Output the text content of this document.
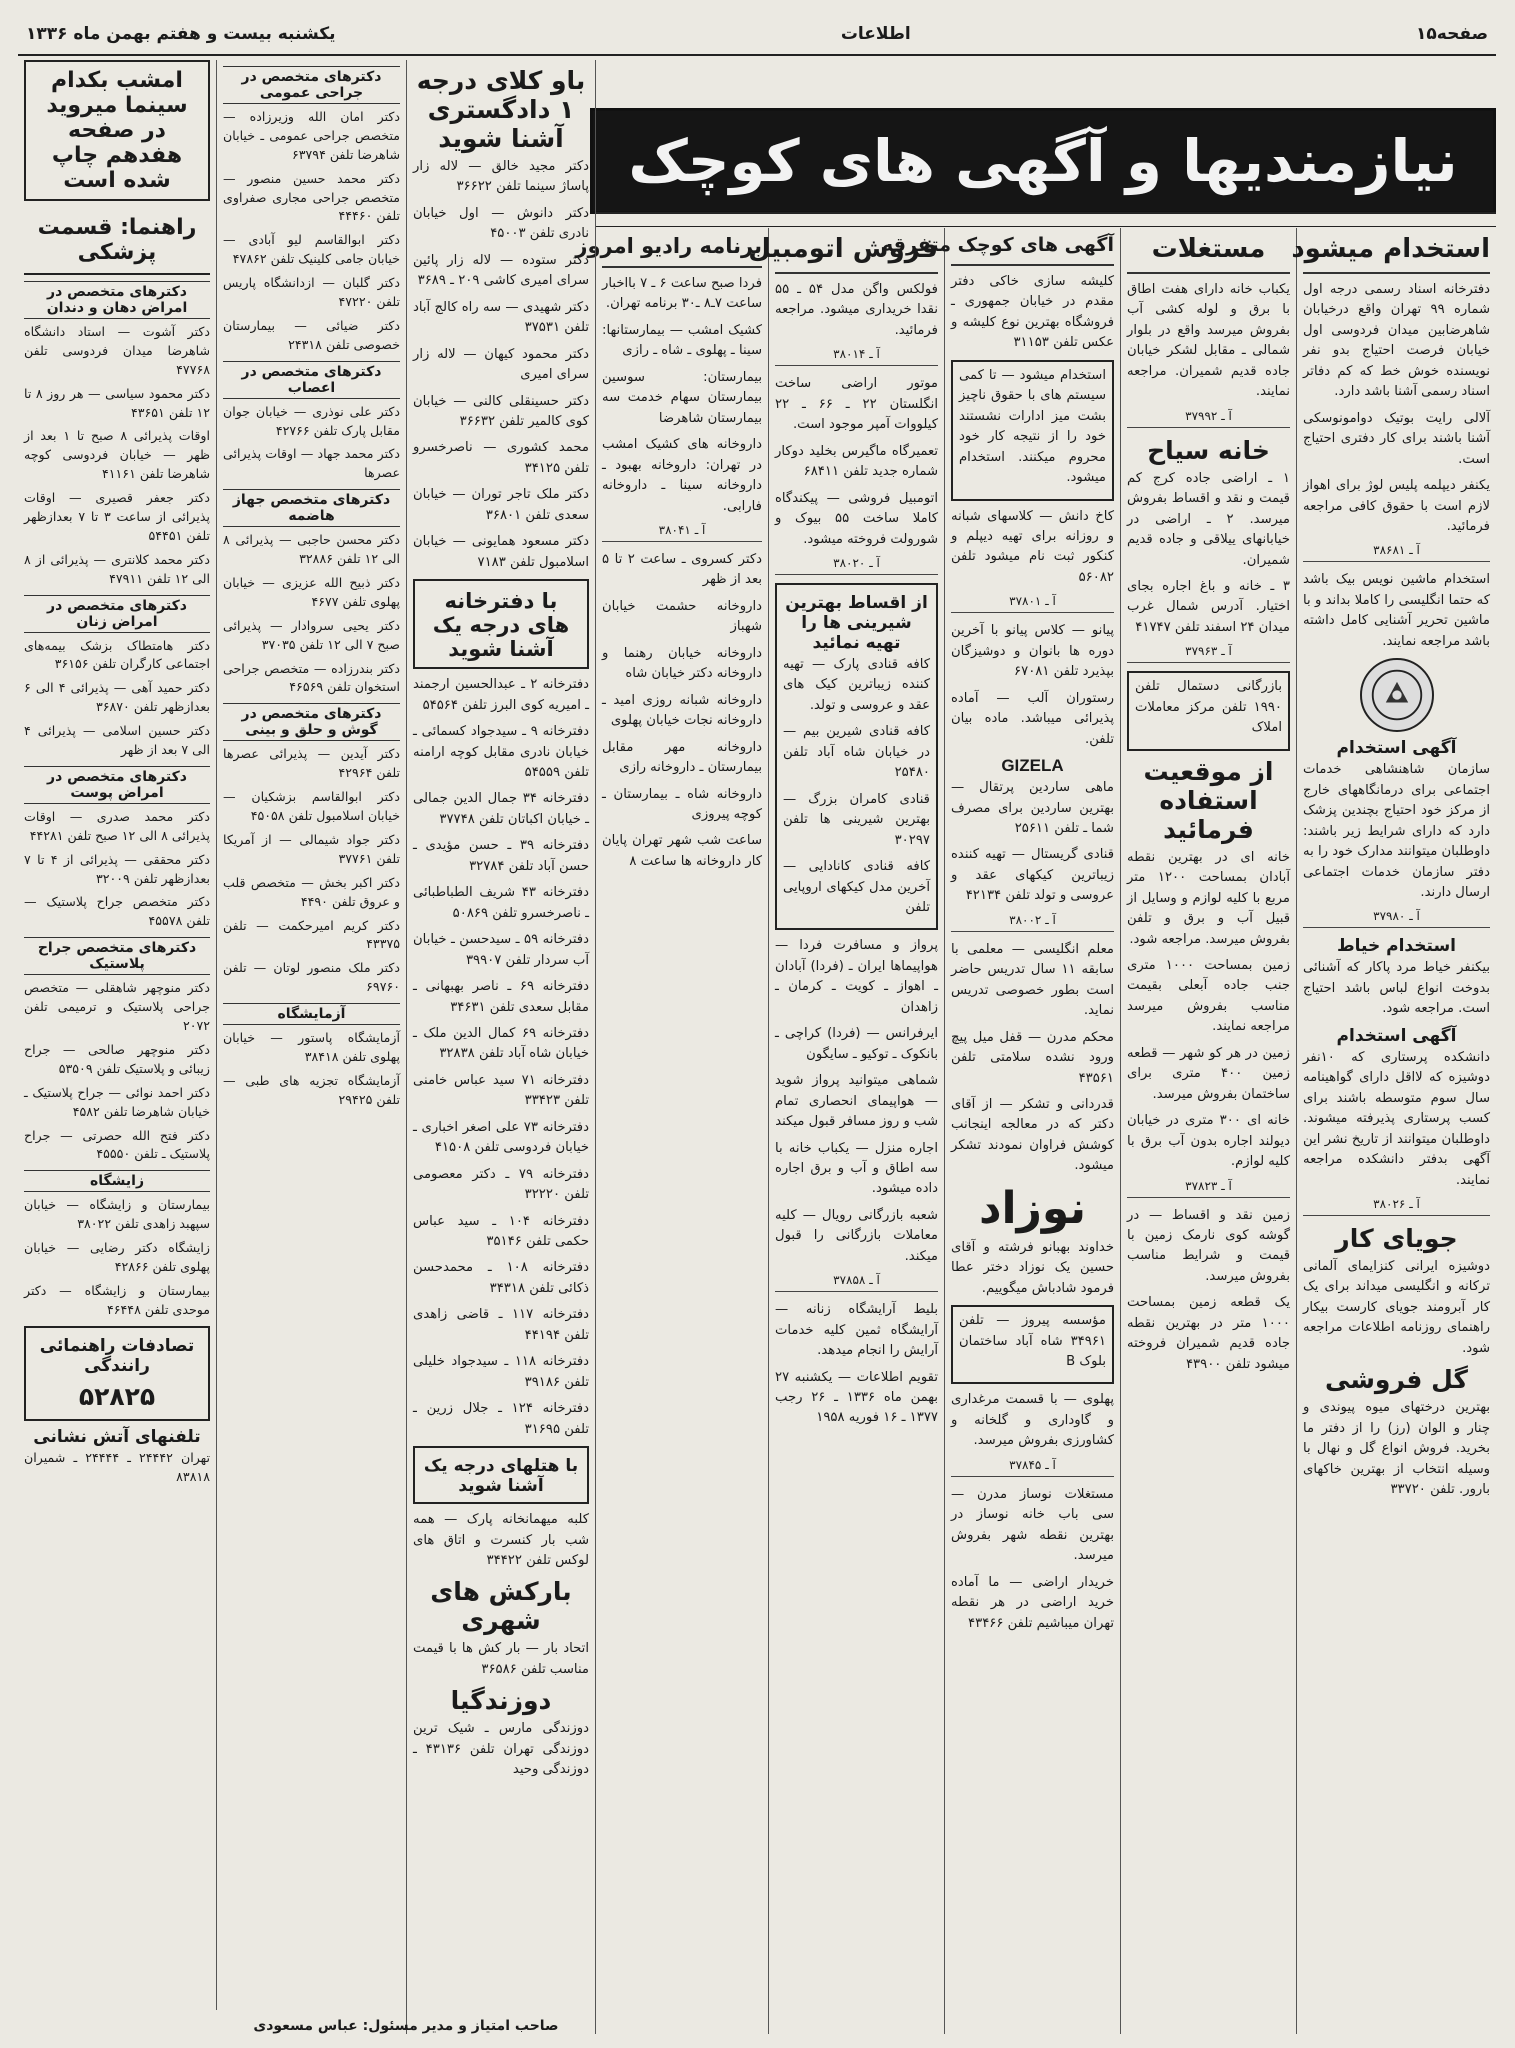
صفحه۱۵
اطلاعات
یکشنبه بیست و هفتم بهمن ماه ۱۳۳۶
نیازمندیها و آگهی های کوچک
استخدام میشود

دفترخانه اسناد رسمی درجه اول شماره ۹۹ تهران واقع درخیابان شاهرضابین میدان فردوسی اول خیابان فرصت احتیاج بدو نفر نویسنده خوش خط که کم دفاتر اسناد رسمی آشنا باشد دارد.

آلالی رایت بوتیک دوامونوسکی آشنا باشند برای کار دفتری احتیاج است.

یکنفر دیپلمه پلیس لوژ برای اهواز لازم است با حقوق کافی مراجعه فرمائید.

آ ـ ۳۸۶۸۱

استخدام ماشین نویس بیک باشد که حتما انگلیسی را کاملا بداند و با ماشین تحریر آشنایی کامل داشته باشد مراجعه نمایند.

آگهی استخدام

سازمان شاهنشاهی خدمات اجتماعی برای درمانگاههای خارج از مرکز خود احتیاج بچندین پزشک دارد که دارای شرایط زیر باشند: داوطلبان میتوانند مدارک خود را به دفتر سازمان خدمات اجتماعی ارسال دارند.

آ ـ ۳۷۹۸۰
استخدام خیاط

بیکنفر خیاط مرد پاکار که آشنائی بدوخت انواع لباس باشد احتیاج است. مراجعه شود.

آگهی استخدام

دانشکده پرستاری که ۱۰نفر دوشیزه که لااقل دارای گواهینامه سال سوم متوسطه باشند برای کسب پرستاری پذیرفته میشوند. داوطلبان میتوانند از تاریخ نشر این آگهی بدفتر دانشکده مراجعه نمایند.

آ ـ ۳۸۰۲۶
جویای کار

دوشیزه ایرانی کنزایمای آلمانی ترکانه و انگلیسی میداند برای یک کار آبرومند جویای کارست بیکار راهنمای روزنامه اطلاعات مراجعه شود.

گل فروشی

بهترین درختهای میوه پیوندی و چنار و الوان (رز) را از دفتر ما بخرید. فروش انواع گل و نهال با وسیله انتخاب از بهترین خاکهای بارور. تلفن ۳۳۷۲۰

مستغلات

یکباب خانه دارای هفت اطاق با برق و لوله کشی آب بفروش میرسد واقع در بلوار شمالی ـ مقابل لشکر خیابان جاده قدیم شمیران. مراجعه نمایند.

آ ـ ۳۷۹۹۲
خانه سیاح

۱ ـ اراضی جاده کرج کم قیمت و نقد و اقساط بفروش میرسد. ۲ ـ اراضی در خیابانهای ییلاقی و جاده قدیم شمیران.

۳ ـ خانه و باغ اجاره بجای اختیار. آدرس شمال غرب میدان ۲۴ اسفند تلفن ۴۱۷۴۷

آ ـ ۳۷۹۶۳

بازرگانی دستمال تلفن ۱۹۹۰ تلفن مرکز معاملات املاک

از موقعیت استفاده فرمائید

خانه ای در بهترین نقطه آبادان بمساحت ۱۲۰۰ متر مربع با کلیه لوازم و وسایل از قبیل آب و برق و تلفن بفروش میرسد. مراجعه شود.

زمین بمساحت ۱۰۰۰ متری جنب جاده آبعلی بقیمت مناسب بفروش میرسد مراجعه نمایند.

زمین در هر کو شهر — قطعه زمین ۴۰۰ متری برای ساختمان بفروش میرسد.

خانه ای ۳۰۰ متری در خیابان دیولند اجاره بدون آب برق با کلیه لوازم.

آ ـ ۳۷۸۲۳

زمین نقد و اقساط — در گوشه کوی نارمک زمین با قیمت و شرایط مناسب بفروش میرسد.

یک قطعه زمین بمساحت ۱۰۰۰ متر در بهترین نقطه جاده قدیم شمیران فروخته میشود تلفن ۴۳۹۰۰

آگهی های کوچک متفرقه

کلیشه سازی خاکی دفتر مقدم در خیابان جمهوری ـ فروشگاه بهترین نوع کلیشه و عکس تلفن ۳۱۱۵۳

استخدام میشود — تا کمی سیستم های با حقوق ناچیز بشت میز ادارات نشستند خود را از نتیجه کار خود محروم میکنند. استخدام میشود.

کاخ دانش — کلاسهای شبانه و روزانه برای تهیه دیپلم و کنکور ثبت نام میشود تلفن ۵۶۰۸۲

آ ـ ۳۷۸۰۱

پیانو — کلاس پیانو با آخرین دوره ها بانوان و دوشیزگان بپذیرد تلفن ۶۷۰۸۱

رستوران آلب — آماده پذیرائی میباشد. ماده بیان تلفن.

GIZELA

ماهی ساردین پرتقال — بهترین ساردین برای مصرف شما ـ تلفن ۲۵۶۱۱

قنادی گریستال — تهیه کننده زیباترین کیکهای عقد و عروسی و تولد تلفن ۴۲۱۳۴

آ ـ ۳۸۰۰۲

معلم انگلیسی — معلمی با سابقه ۱۱ سال تدریس حاضر است بطور خصوصی تدریس نماید.

محکم مدرن — قفل میل پیچ ورود نشده سلامتی تلفن ۴۳۵۶۱

قدردانی و تشکر — از آقای دکتر که در معالجه اینجانب کوشش فراوان نمودند تشکر میشود.

نوزاد

خداوند بهبانو فرشته و آقای حسین یک نوزاد دختر عطا فرمود شادباش میگوییم.

مؤسسه پیروز — تلفن ۳۴۹۶۱ شاه آباد ساختمان بلوک B

پهلوی — با قسمت مرغداری و گاوداری و گلخانه و کشاورزی بفروش میرسد.

آ ـ ۳۷۸۴۵

مستغلات نوساز مدرن — سی باب خانه نوساز در بهترین نقطه شهر بفروش میرسد.

خریدار اراضی — ما آماده خرید اراضی در هر نقطه تهران میباشیم تلفن ۴۳۴۶۶

فروش اتومبیل

فولکس واگن مدل ۵۴ ـ ۵۵ نقدا خریداری میشود. مراجعه فرمائید.

آ ـ ۳۸۰۱۴

موتور اراضی ساخت انگلستان ۲۲ ـ ۶۶ ـ ۲۲ کیلووات آمپر موجود است.

تعمیرگاه ماگیرس بخلید دوکار شماره جدید تلفن ۶۸۴۱۱

اتومبیل فروشی — پیکندگاه کاملا ساخت ۵۵ بیوک و شورولت فروخته میشود.

آ ـ ۳۸۰۲۰
از اقساط بهترین شیرینی ها را تهیه نمائید

کافه قنادی پارک — تهیه کننده زیباترین کیک های عقد و عروسی و تولد.

کافه قنادی شیرین بیم — در خیابان شاه آباد تلفن ۲۵۴۸۰

قنادی کامران بزرگ — بهترین شیرینی ها تلفن ۳۰۲۹۷

کافه قنادی کانادایی — آخرین مدل کیکهای اروپایی تلفن

پرواز و مسافرت فردا — هواپیماها ایران ـ (فردا) آبادان ـ اهواز ـ کویت ـ کرمان ـ زاهدان

ایرفرانس — (فردا) کراچی ـ بانکوک ـ توکیو ـ سایگون

شماهی میتوانید پرواز شوید — هواپیمای انحصاری تمام شب و روز مسافر قبول میکند

اجاره منزل — یکباب خانه با سه اطاق و آب و برق اجاره داده میشود.

شعبه بازرگانی رویال — کلیه معاملات بازرگانی را قبول میکند.

آ ـ ۳۷۸۵۸

بلیط آرایشگاه زنانه — آرایشگاه ثمین کلیه خدمات آرایش را انجام میدهد.

تقویم اطلاعات — یکشنبه ۲۷ بهمن ماه ۱۳۳۶ ـ ۲۶ رجب ۱۳۷۷ ـ ۱۶ فوریه ۱۹۵۸

برنامه رادیو امروز

فردا صبح ساعت ۶ ـ ۷ بااخبار ساعت ۷ـ۸ ـ۳۰ برنامه تهران.

کشیک امشب — بیمارستانها: سینا ـ پهلوی ـ شاه ـ رازی

بیمارستان: سوسین بیمارستان سهام خدمت سه بیمارستان شاهرضا

داروخانه های کشیک امشب در تهران: داروخانه بهبود ـ داروخانه سینا ـ داروخانه فارابی.

آ ـ ۳۸۰۴۱

دکتر کسروی ـ ساعت ۲ تا ۵ بعد از ظهر

داروخانه حشمت خیابان شهباز

داروخانه خیابان رهنما و داروخانه دکتر خیابان شاه

داروخانه شبانه روزی امید ـ داروخانه نجات خیابان پهلوی

داروخانه مهر مقابل بیمارستان ـ داروخانه رازی

داروخانه شاه ـ بیمارستان ـ کوچه پیروزی

ساعت شب شهر تهران پایان کار داروخانه ها ساعت ۸

باو کلای درجه ۱ دادگستری آشنا شوید

دکتر مجید خالق — لاله زار پاساژ سینما تلفن ۳۶۶۲۲

دکتر دانوش — اول خیابان نادری تلفن ۴۵۰۰۳

دکتر ستوده — لاله زار پائین سرای امیری کاشی ۲۰۹ ـ ۳۶۸۹

دکتر شهیدی — سه راه کالج آباد تلفن ۳۷۵۳۱

دکتر محمود کیهان — لاله زار سرای امیری

دکتر حسینقلی کالنی — خیابان کوی کالمیر تلفن ۳۶۶۳۲

محمد کشوری — ناصرخسرو تلفن ۳۴۱۲۵

دکتر ملک تاجر توران — خیابان سعدی تلفن ۳۶۸۰۱

دکتر مسعود همایونی — خیابان اسلامبول تلفن ۷۱۸۳

با دفترخانه های درجه یک آشنا شوید

دفترخانه ۲ ـ عبدالحسین ارجمند ـ امیریه کوی البرز تلفن ۵۴۵۶۴

دفترخانه ۹ ـ سیدجواد کسمائی ـ خیابان نادری مقابل کوچه ارامنه تلفن ۵۴۵۵۹

دفترخانه ۳۴ جمال الدین جمالی ـ خیابان اکباتان تلفن ۳۷۷۴۸

دفترخانه ۳۹ ـ حسن مؤیدی ـ حسن آباد تلفن ۳۲۷۸۴

دفترخانه ۴۳ شریف الطباطبائی ـ ناصرخسرو تلفن ۵۰۸۶۹

دفترخانه ۵۹ ـ سیدحسن ـ خیابان آب سردار تلفن ۳۹۹۰۷

دفترخانه ۶۹ ـ ناصر بهبهانی ـ مقابل سعدی تلفن ۳۴۶۳۱

دفترخانه ۶۹ کمال الدین ملک ـ خیابان شاه آباد تلفن ۳۲۸۳۸

دفترخانه ۷۱ سید عباس خامنی تلفن ۳۳۴۲۳

دفترخانه ۷۳ علی اصغر اخباری ـ خیابان فردوسی تلفن ۴۱۵۰۸

دفترخانه ۷۹ ـ دکتر معصومی تلفن ۳۲۲۲۰

دفترخانه ۱۰۴ ـ سید عباس حکمی تلفن ۳۵۱۴۶

دفترخانه ۱۰۸ ـ محمدحسن ذکائی تلفن ۳۴۳۱۸

دفترخانه ۱۱۷ ـ قاضی زاهدی تلفن ۴۴۱۹۴

دفترخانه ۱۱۸ ـ سیدجواد خلیلی تلفن ۳۹۱۸۶

دفترخانه ۱۲۴ ـ جلال زرین ـ تلفن ۳۱۶۹۵

با هتلهای درجه یک آشنا شوید

کلبه میهمانخانه پارک — همه شب بار کنسرت و اتاق های لوکس تلفن ۳۴۴۲۲

بارکش های شهری

اتحاد بار — بار کش ها با قیمت مناسب تلفن ۳۶۵۸۶

دوزندگیا

دوزندگی مارس ـ شیک ترین دوزندگی تهران تلفن ۴۳۱۳۶ ـ دوزندگی وحید

دکترهای متخصص در جراحی عمومی

دکتر امان الله وزیرزاده — متخصص جراحی عمومی ـ خیابان شاهرضا تلفن ۶۳۷۹۴

دکتر محمد حسین منصور — متخصص جراحی مجاری صفراوی تلفن ۴۴۴۶۰

دکتر ابوالقاسم لیو آبادی — خیابان جامی کلینیک تلفن ۴۷۸۶۲

دکتر گلبان — ازدانشگاه پاریس تلفن ۴۷۲۲۰

دکتر ضیائی — بیمارستان خصوصی تلفن ۲۴۳۱۸

دکترهای متخصص در اعصاب

دکتر علی نوذری — خیابان جوان مقابل پارک تلفن ۴۲۷۶۶

دکتر محمد جهاد — اوقات پذیرائی عصرها

دکترهای متخصص جهاز هاضمه

دکتر محسن حاجبی — پذیرائی ۸ الی ۱۲ تلفن ۳۲۸۸۶

دکتر ذبیح الله عزیزی — خیابان پهلوی تلفن ۴۶۷۷

دکتر یحیی سروادار — پذیرائی صبح ۷ الی ۱۲ تلفن ۳۷۰۳۵

دکتر بندرزاده — متخصص جراحی استخوان تلفن ۴۶۵۶۹

دکترهای متخصص در گوش و حلق و بینی

دکتر آیدین — پذیرائی عصرها تلفن ۴۲۹۶۴

دکتر ابوالقاسم بزشکیان — خیابان اسلامبول تلفن ۴۵۰۵۸

دکتر جواد شیمالی — از آمریکا تلفن ۳۷۷۶۱

دکتر اکبر بخش — متخصص قلب و عروق تلفن ۴۴۹۰

دکتر کریم امیرحکمت — تلفن ۴۳۳۷۵

دکتر ملک منصور لوتان — تلفن ۶۹۷۶۰

آزمایشگاه

آزمایشگاه پاستور — خیابان پهلوی تلفن ۳۸۴۱۸

آزمایشگاه تجزیه های طبی — تلفن ۲۹۴۲۵

امشب بکدام سینما میروید
در صفحه هفدهم چاپ شده است
راهنما: قسمت پزشکی
دکترهای متخصص در امراض دهان و دندان

دکتر آشوت — استاد دانشگاه شاهرضا میدان فردوسی تلفن ۴۷۷۶۸

دکتر محمود سیاسی — هر روز ۸ تا ۱۲ تلفن ۴۳۶۵۱

اوقات پذیرائی ۸ صبح تا ۱ بعد از ظهر — خیابان فردوسی کوچه شاهرضا تلفن ۴۱۱۶۱

دکتر جعفر قصیری — اوقات پذیرائی از ساعت ۳ تا ۷ بعدازظهر تلفن ۵۴۴۵۱

دکتر محمد کلانتری — پذیرائی از ۸ الی ۱۲ تلفن ۴۷۹۱۱

دکترهای متخصص در امراض زنان

دکتر هامتطاک بزشک بیمه‌های اجتماعی کارگران تلفن ۳۶۱۵۶

دکتر حمید آهی — پذیرائی ۴ الی ۶ بعدازظهر تلفن ۳۶۸۷۰

دکتر حسین اسلامی — پذیرائی ۴ الی ۷ بعد از ظهر

دکترهای متخصص در امراض پوست

دکتر محمد صدری — اوقات پذیرائی ۸ الی ۱۲ صبح تلفن ۴۴۲۸۱

دکتر محققی — پذیرائی از ۴ تا ۷ بعدازظهر تلفن ۳۲۰۰۹

دکتر متخصص جراح پلاستیک — تلفن ۴۵۵۷۸

دکترهای متخصص جراح پلاستیک

دکتر منوچهر شاهقلی — متخصص جراحی پلاستیک و ترمیمی تلفن ۲۰۷۲

دکتر منوچهر صالحی — جراح زیبائی و پلاستیک تلفن ۵۳۵۰۹

دکتر احمد نوائی — جراح پلاستیک ـ خیابان شاهرضا تلفن ۴۵۸۲

دکتر فتح الله حصرتی — جراح پلاستیک ـ تلفن ۴۵۵۵۰

زایشگاه

بیمارستان و زایشگاه — خیابان سپهبد زاهدی تلفن ۳۸۰۲۲

زایشگاه دکتر رضایی — خیابان پهلوی تلفن ۴۲۸۶۶

بیمارستان و زایشگاه — دکتر موحدی تلفن ۴۶۴۴۸

تصادفات راهنمائی رانندگی
۵۲۸۲۵
تلفنهای آتش نشانی

تهران ۲۴۴۴۲ ـ ۲۴۴۴۴ ـ شمیران ۸۳۸۱۸

صاحب امتیاز و مدیر مسئول: عباس مسعودی
